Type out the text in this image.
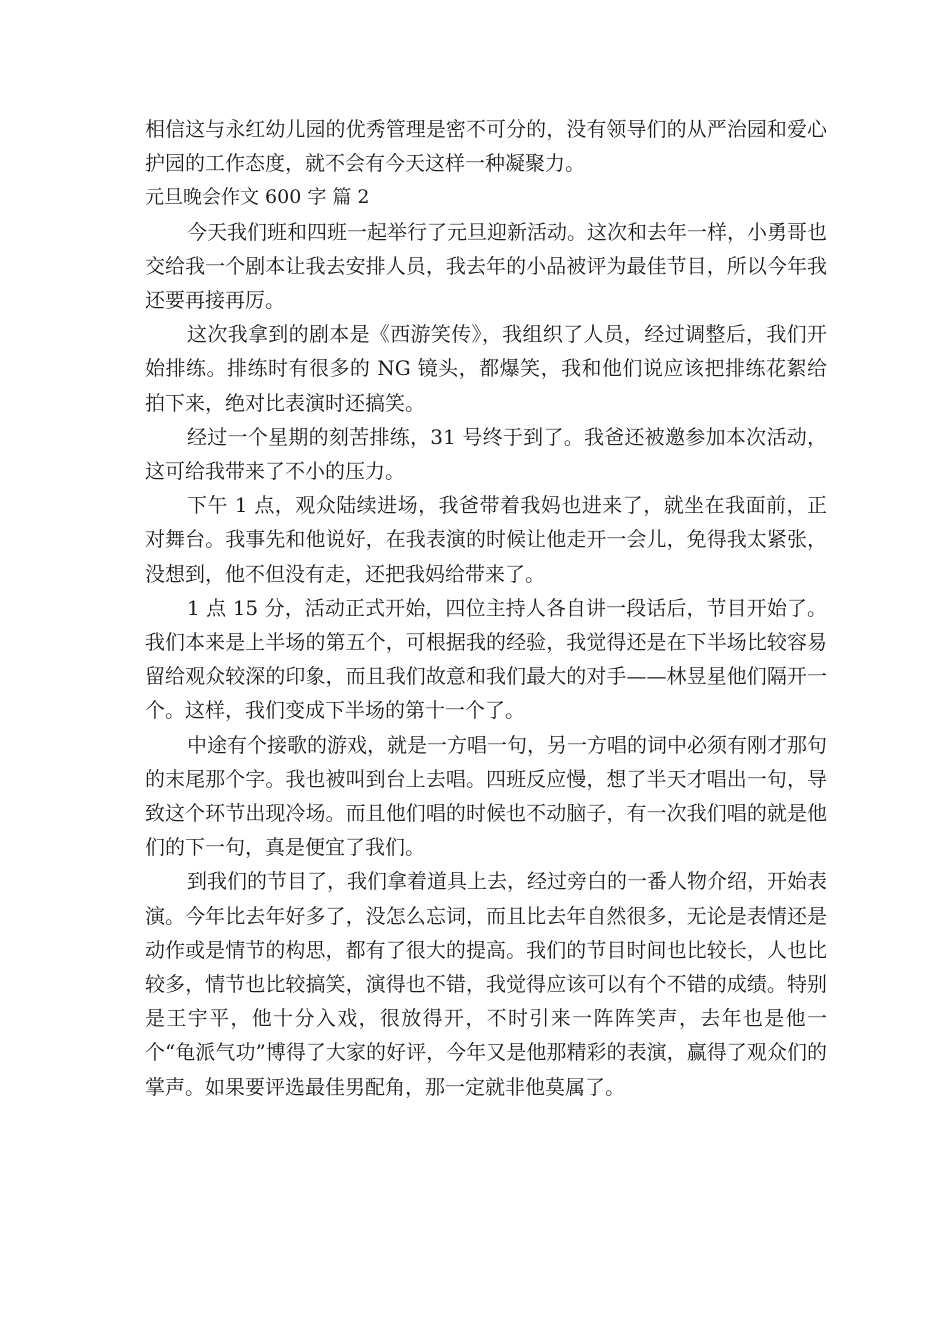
相信这与永红幼儿园的优秀管理是密不可分的，没有领导们的从严治园和爱心护园的工作态度，就不会有今天这样一种凝聚力。

元旦晚会作文 600 字 篇 2

今天我们班和四班一起举行了元旦迎新活动。这次和去年一样，小勇哥也交给我一个剧本让我去安排人员，我去年的小品被评为最佳节目，所以今年我还要再接再厉。

这次我拿到的剧本是《西游笑传》，我组织了人员，经过调整后，我们开始排练。排练时有很多的 NG 镜头，都爆笑，我和他们说应该把排练花絮给拍下来，绝对比表演时还搞笑。

经过一个星期的刻苦排练，31 号终于到了。我爸还被邀参加本次活动，这可给我带来了不小的压力。

下午 1 点，观众陆续进场，我爸带着我妈也进来了，就坐在我面前，正对舞台。我事先和他说好，在我表演的时候让他走开一会儿，免得我太紧张，没想到，他不但没有走，还把我妈给带来了。

1 点 15 分，活动正式开始，四位主持人各自讲一段话后，节目开始了。我们本来是上半场的第五个，可根据我的经验，我觉得还是在下半场比较容易留给观众较深的印象，而且我们故意和我们最大的对手——林昱星他们隔开一个。这样，我们变成下半场的第十一个了。

中途有个接歌的游戏，就是一方唱一句，另一方唱的词中必须有刚才那句的末尾那个字。我也被叫到台上去唱。四班反应慢，想了半天才唱出一句，导致这个环节出现冷场。而且他们唱的时候也不动脑子，有一次我们唱的就是他们的下一句，真是便宜了我们。

到我们的节目了，我们拿着道具上去，经过旁白的一番人物介绍，开始表演。今年比去年好多了，没怎么忘词，而且比去年自然很多，无论是表情还是动作或是情节的构思，都有了很大的提高。我们的节目时间也比较长，人也比较多，情节也比较搞笑，演得也不错，我觉得应该可以有个不错的成绩。特别是王宇平，他十分入戏，很放得开，不时引来一阵阵笑声，去年也是他一个“龟派气功”博得了大家的好评，今年又是他那精彩的表演，赢得了观众们的掌声。如果要评选最佳男配角，那一定就非他莫属了。
